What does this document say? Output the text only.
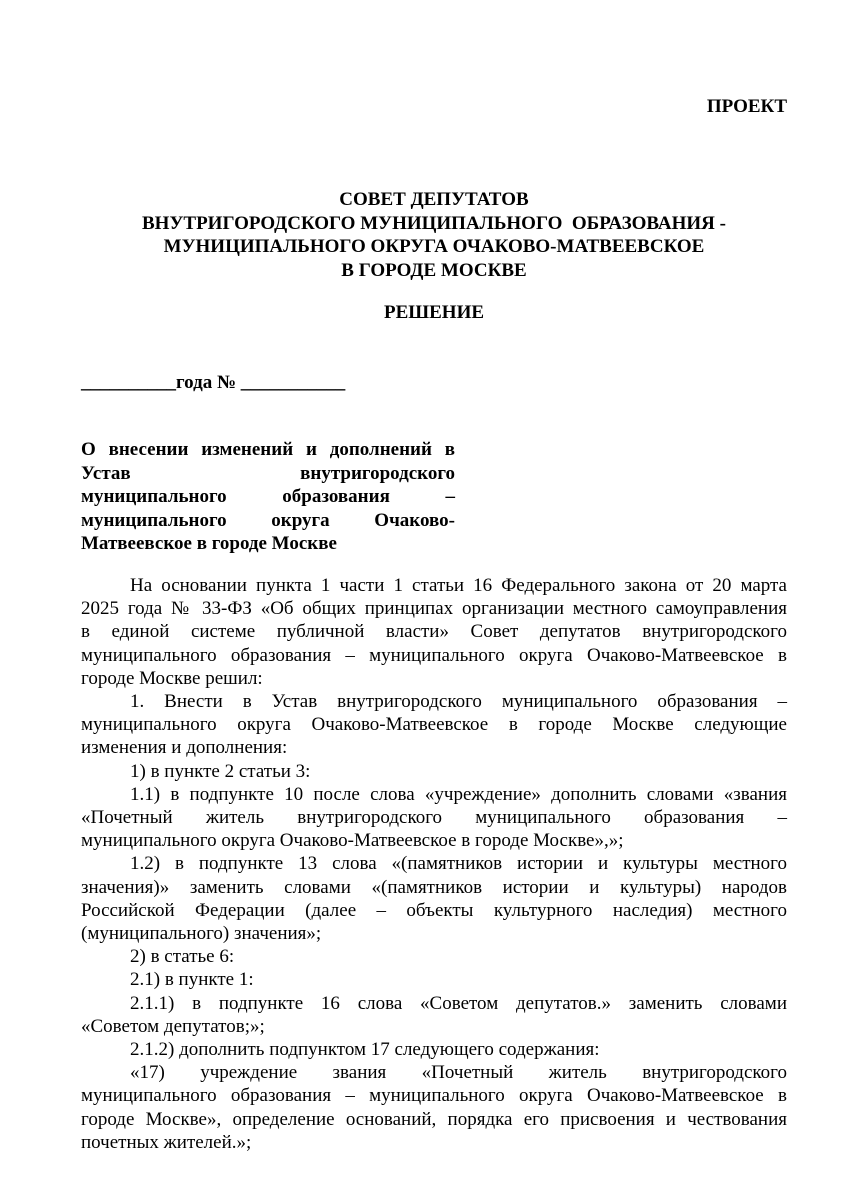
ПРОЕКТ
СОВЕТ ДЕПУТАТОВ
ВНУТРИГОРОДСКОГО МУНИЦИПАЛЬНОГО  ОБРАЗОВАНИЯ -
МУНИЦИПАЛЬНОГО ОКРУГА ОЧАКОВО-МАТВЕЕВСКОЕ
В ГОРОДЕ МОСКВЕ
РЕШЕНИЕ
__________года № ___________
О внесении изменений и дополнений в
Устав внутригородского
муниципального образования –
муниципального округа Очаково-
Матвеевское в городе Москве

На основании пункта 1 части 1 статьи 16 Федерального закона от 20 марта
2025 года № 33-ФЗ «Об общих принципах организации местного самоуправления
в единой системе публичной власти» Совет депутатов внутригородского
муниципального образования – муниципального округа Очаково-Матвеевское в
городе Москве решил:

1. Внести в Устав внутригородского муниципального образования –
муниципального округа Очаково-Матвеевское в городе Москве следующие
изменения и дополнения:

1) в пункте 2 статьи 3:

1.1) в подпункте 10 после слова «учреждение» дополнить словами «звания
«Почетный житель внутригородского муниципального образования –
муниципального округа Очаково-Матвеевское в городе Москве»,»;

1.2) в подпункте 13 слова «(памятников истории и культуры местного
значения)» заменить словами «(памятников истории и культуры) народов
Российской Федерации (далее – объекты культурного наследия) местного
(муниципального) значения»;

2) в статье 6:

2.1) в пункте 1:

2.1.1) в подпункте 16 слова «Советом депутатов.» заменить словами
«Советом депутатов;»;

2.1.2) дополнить подпунктом 17 следующего содержания:

«17) учреждение звания «Почетный житель внутригородского
муниципального образования – муниципального округа Очаково-Матвеевское в
городе Москве», определение оснований, порядка его присвоения и чествования
почетных жителей.»;
